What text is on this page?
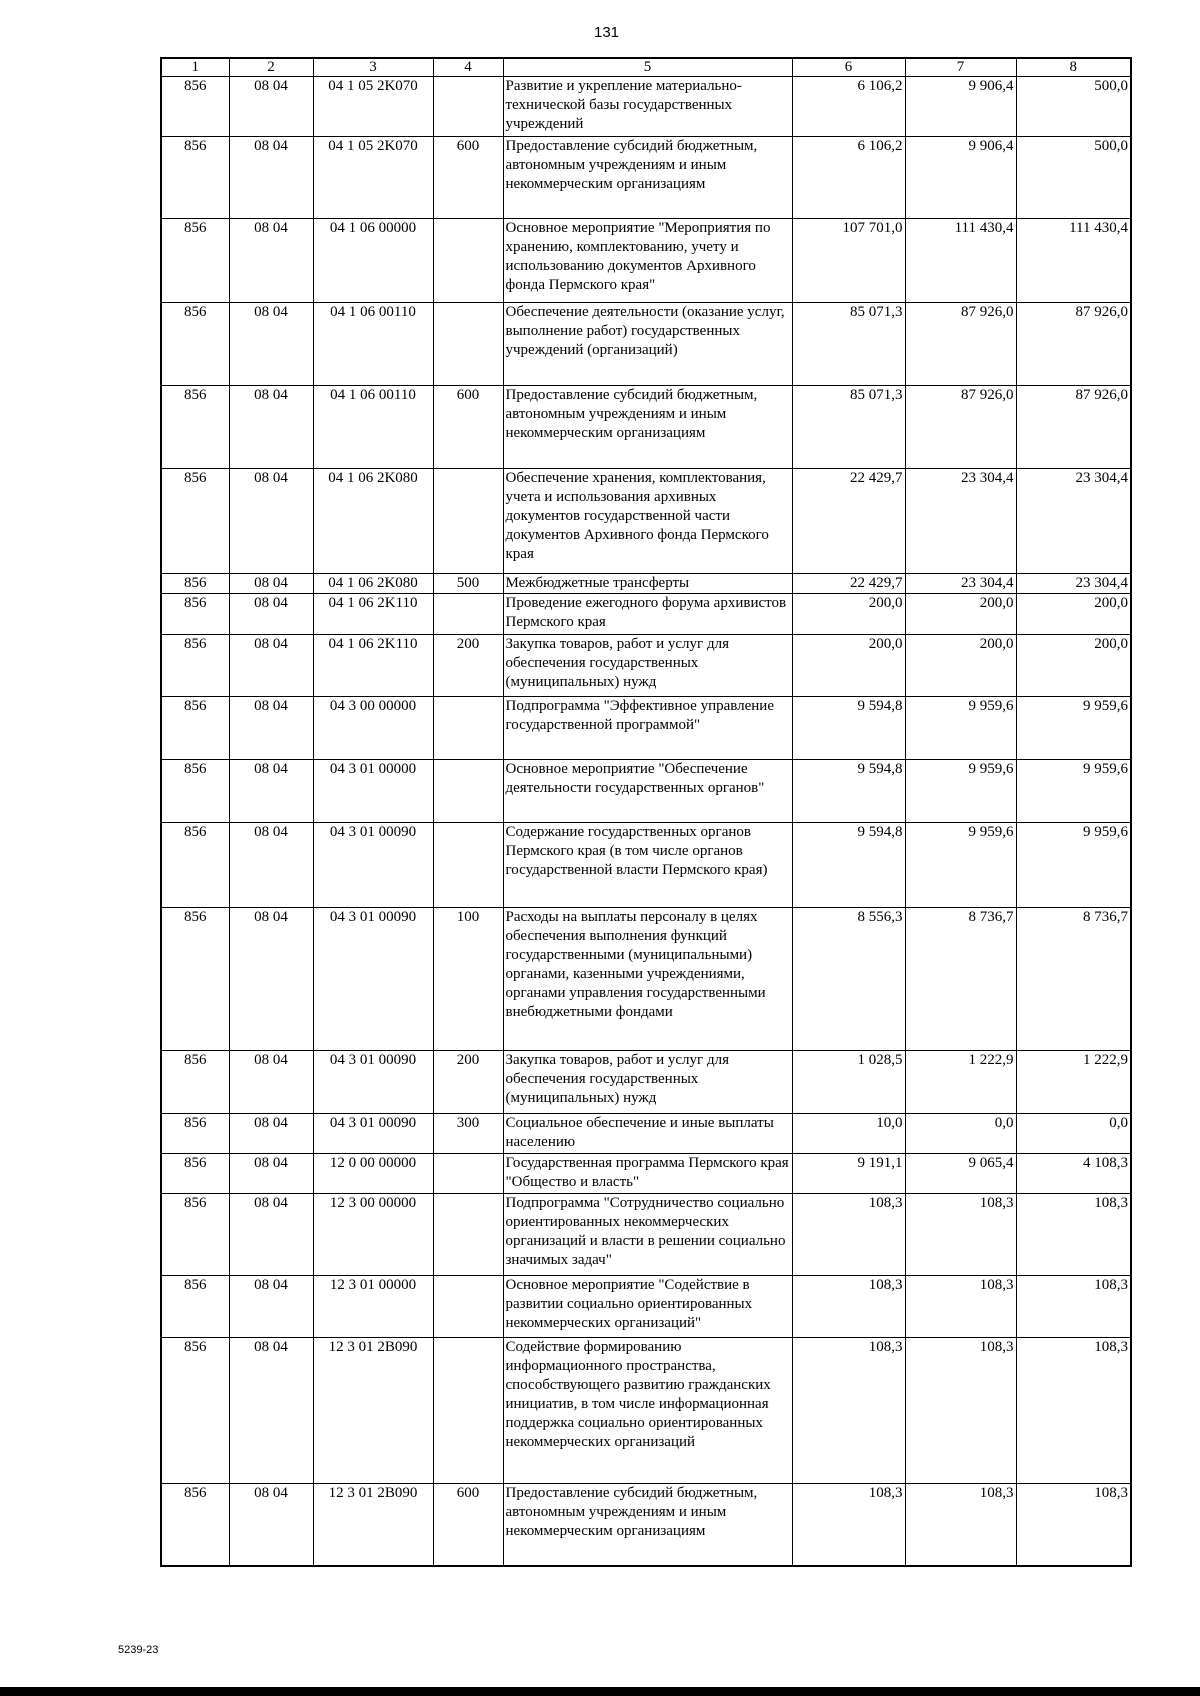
131
1	2	3	4	5	6	7	8
856	08 04	04 1 05 2K070		Развитие и укрепление материально-технической базы государственных учреждений	6 106,2	9 906,4	500,0
856	08 04	04 1 05 2K070	600	Предоставление субсидий бюджетным, автономным учреждениям и иным некоммерческим организациям	6 106,2	9 906,4	500,0
856	08 04	04 1 06 00000		Основное мероприятие "Мероприятия по хранению, комплектованию, учету и использованию документов Архивного фонда Пермского края"	107 701,0	111 430,4	111 430,4
856	08 04	04 1 06 00110		Обеспечение деятельности (оказание услуг, выполнение работ) государственных учреждений (организаций)	85 071,3	87 926,0	87 926,0
856	08 04	04 1 06 00110	600	Предоставление субсидий бюджетным, автономным учреждениям и иным некоммерческим организациям	85 071,3	87 926,0	87 926,0
856	08 04	04 1 06 2K080		Обеспечение хранения, комплектования, учета и использования архивных документов государственной части документов Архивного фонда Пермского края	22 429,7	23 304,4	23 304,4
856	08 04	04 1 06 2K080	500	Межбюджетные трансферты	22 429,7	23 304,4	23 304,4
856	08 04	04 1 06 2K110		Проведение ежегодного форума архивистов Пермского края	200,0	200,0	200,0
856	08 04	04 1 06 2K110	200	Закупка товаров, работ и услуг для обеспечения государственных (муниципальных) нужд	200,0	200,0	200,0
856	08 04	04 3 00 00000		Подпрограмма "Эффективное управление государственной программой"	9 594,8	9 959,6	9 959,6
856	08 04	04 3 01 00000		Основное мероприятие "Обеспечение деятельности государственных органов"	9 594,8	9 959,6	9 959,6
856	08 04	04 3 01 00090		Содержание государственных органов Пермского края (в том числе органов государственной власти Пермского края)	9 594,8	9 959,6	9 959,6
856	08 04	04 3 01 00090	100	Расходы на выплаты персоналу в целях обеспечения выполнения функций государственными (муниципальными) органами, казенными учреждениями, органами управления государственными внебюджетными фондами	8 556,3	8 736,7	8 736,7
856	08 04	04 3 01 00090	200	Закупка товаров, работ и услуг для обеспечения государственных (муниципальных) нужд	1 028,5	1 222,9	1 222,9
856	08 04	04 3 01 00090	300	Социальное обеспечение и иные выплаты населению	10,0	0,0	0,0
856	08 04	12 0 00 00000		Государственная программа Пермского края "Общество и власть"	9 191,1	9 065,4	4 108,3
856	08 04	12 3 00 00000		Подпрограмма "Сотрудничество социально ориентированных некоммерческих организаций и власти в решении социально значимых задач"	108,3	108,3	108,3
856	08 04	12 3 01 00000		Основное мероприятие "Содействие в развитии социально ориентированных некоммерческих организаций"	108,3	108,3	108,3
856	08 04	12 3 01 2B090		Содействие формированию информационного пространства, способствующего развитию гражданских инициатив, в том числе информационная поддержка социально ориентированных некоммерческих организаций	108,3	108,3	108,3
856	08 04	12 3 01 2B090	600	Предоставление субсидий бюджетным, автономным учреждениям и иным некоммерческим организациям	108,3	108,3	108,3
5239-23
